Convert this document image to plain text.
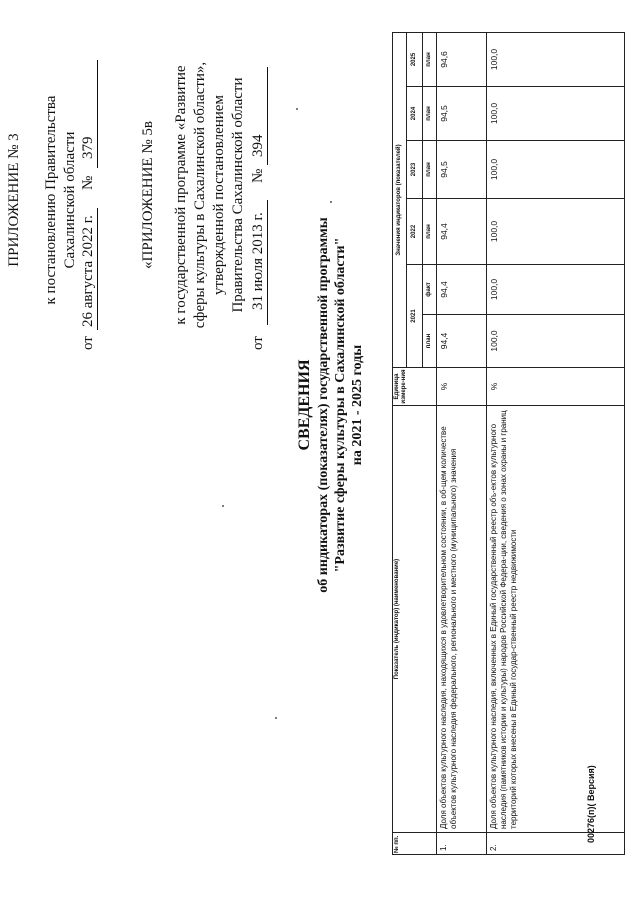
ПРИЛОЖЕНИЕ № 3 к постановлению Правительства Сахалинской области
от
26 августа 2022 г.
№
379	«ПРИЛОЖЕНИЕ № 5в к государственной программе «Развитие сферы культуры в Сахалинской области», утвержденной постановлением Правительства Сахалинской области
от
31 июля 2013 г.
№
394
СВЕДЕНИЯ об индикаторах (показателях) государственной программы "Развитие сферы культуры в Сахалинской области" на 2021 - 2025 годы
№ пп.	Показатель (индикатор) (наименование)	Единица измере-ния	Значения индикаторов (показателей)					
			2021		2022	2023	2024	2025
			план	факт	план	план	план	план
1.	Доля объектов культурного наследия, находящихся в удовлетворительном состоянии, в об-щем количестве объектов культурного наследия федерального, регионального и местного (муниципального) значения	%	94,4	94,4	94,4	94,5	94,5	94,6
2.	Доля объектов культурного наследия, включенных в Единый государственный реестр объ-ектов культурного наследия (памятников истории и культуры) народов Российской Федера-ции, сведения о зонах охраны и границ территорий которых внесены в Единый государ-ственный реестр недвижимости	%	100,0	100,0	100,0	100,0	100,0	100,0
00276(п)( Версия)
